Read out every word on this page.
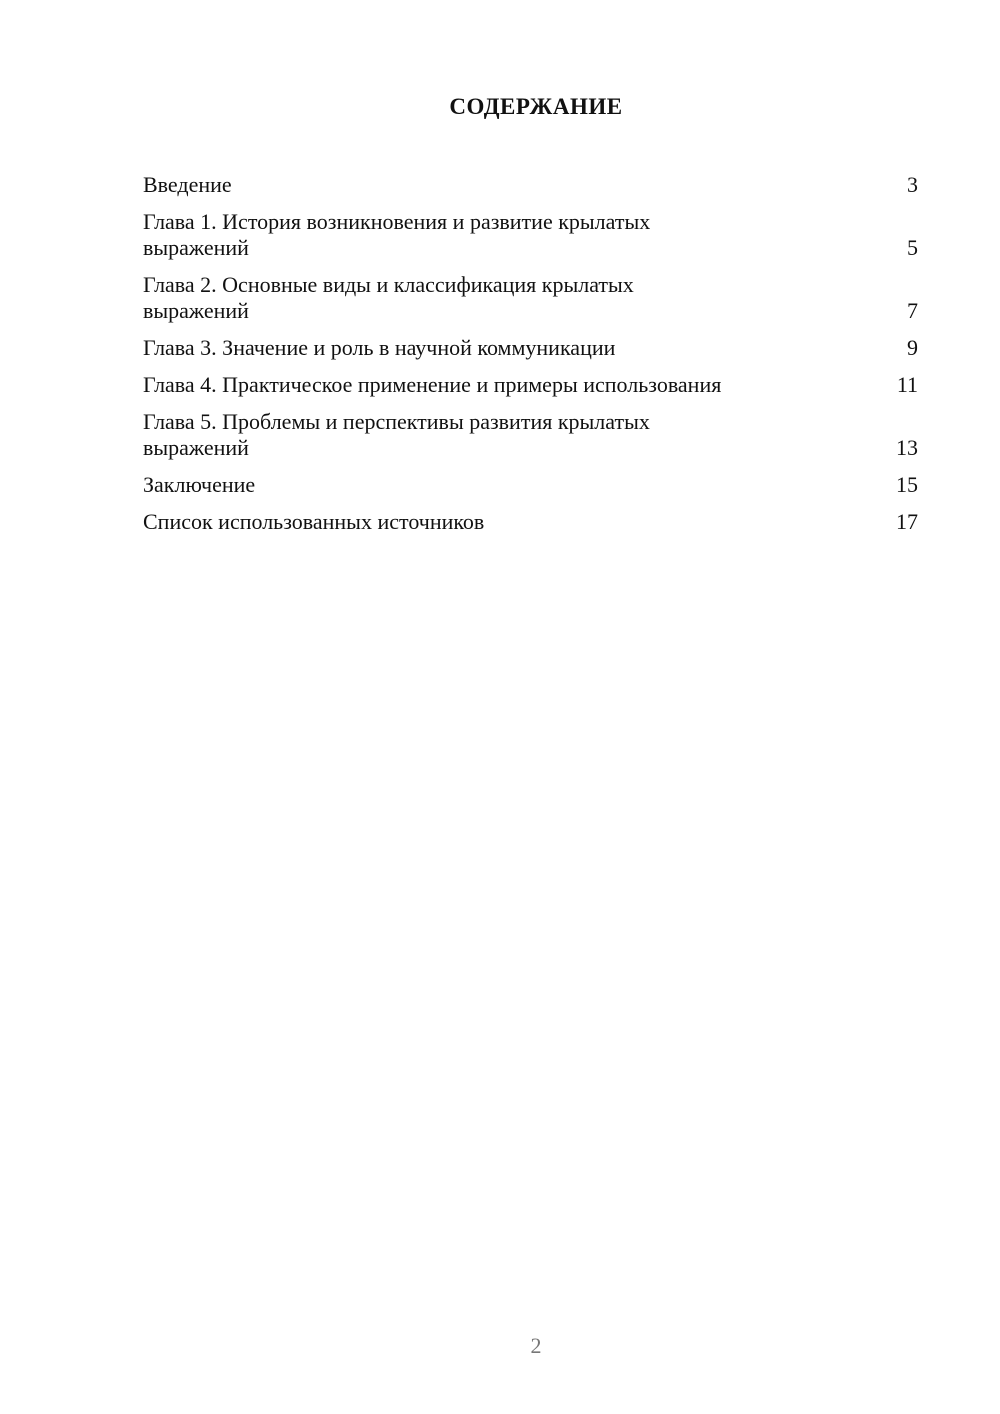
СОДЕРЖАНИЕ
Введение	3
Глава 1. История возникновения и развитие крылатых
выражений	5
Глава 2. Основные виды и классификация крылатых
выражений	7
Глава 3. Значение и роль в научной коммуникации	9
Глава 4. Практическое применение и примеры использования	11
Глава 5. Проблемы и перспективы развития крылатых
выражений	13
Заключение	15
Список использованных источников	17
2
